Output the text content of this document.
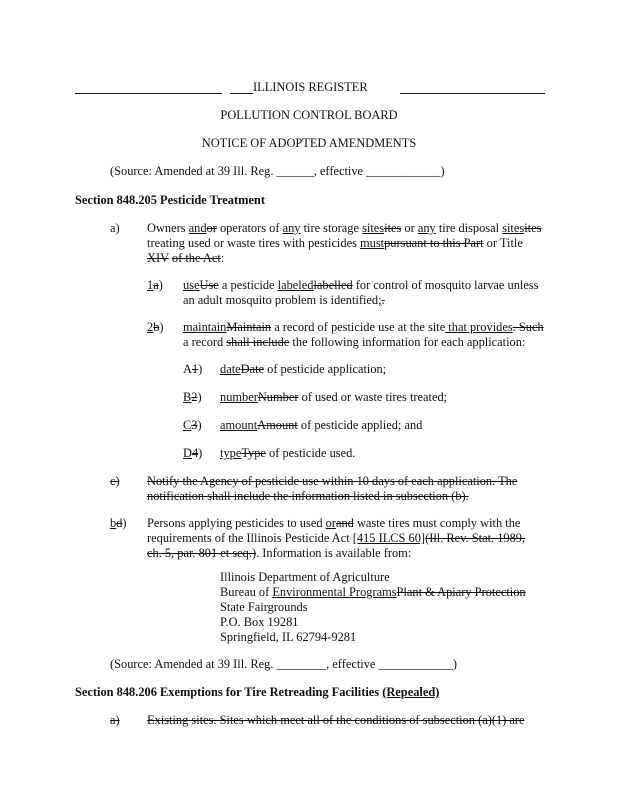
ILLINOIS REGISTER
POLLUTION CONTROL BOARD
NOTICE OF ADOPTED AMENDMENTS
(Source: Amended at 39 Ill. Reg. ______, effective ____________)
Section 848.205 Pesticide Treatment
a) Owners andor operators of any tire storage sitesites or any tire disposal sitesites treating used or waste tires with pesticides mustpursuant to this Part or Title XIV of the Act:
1a) useUse a pesticide labeledlabelled for control of mosquito larvae unless an adult mosquito problem is identified;.
2b) maintainMaintain a record of pesticide use at the site that provides. Such a record shall include the following information for each application:
A1) dateDate of pesticide application;
B2) numberNumber of used or waste tires treated;
C3) amountAmount of pesticide applied; and
D4) typeType of pesticide used.
c) Notify the Agency of pesticide use within 10 days of each application. The notification shall include the information listed in subsection (b).
bd) Persons applying pesticides to used orand waste tires must comply with the requirements of the Illinois Pesticide Act [415 ILCS 60](Ill. Rev. Stat. 1989, ch. 5, par. 801 et seq.). Information is available from:
Illinois Department of Agriculture
Bureau of Environmental ProgramsPlant & Apiary Protection
State Fairgrounds
P.O. Box 19281
Springfield, IL 62794-9281
(Source: Amended at 39 Ill. Reg. ________, effective ____________)
Section 848.206 Exemptions for Tire Retreading Facilities (Repealed)
a) Existing sites. Sites which meet all of the conditions of subsection (a)(1) are
